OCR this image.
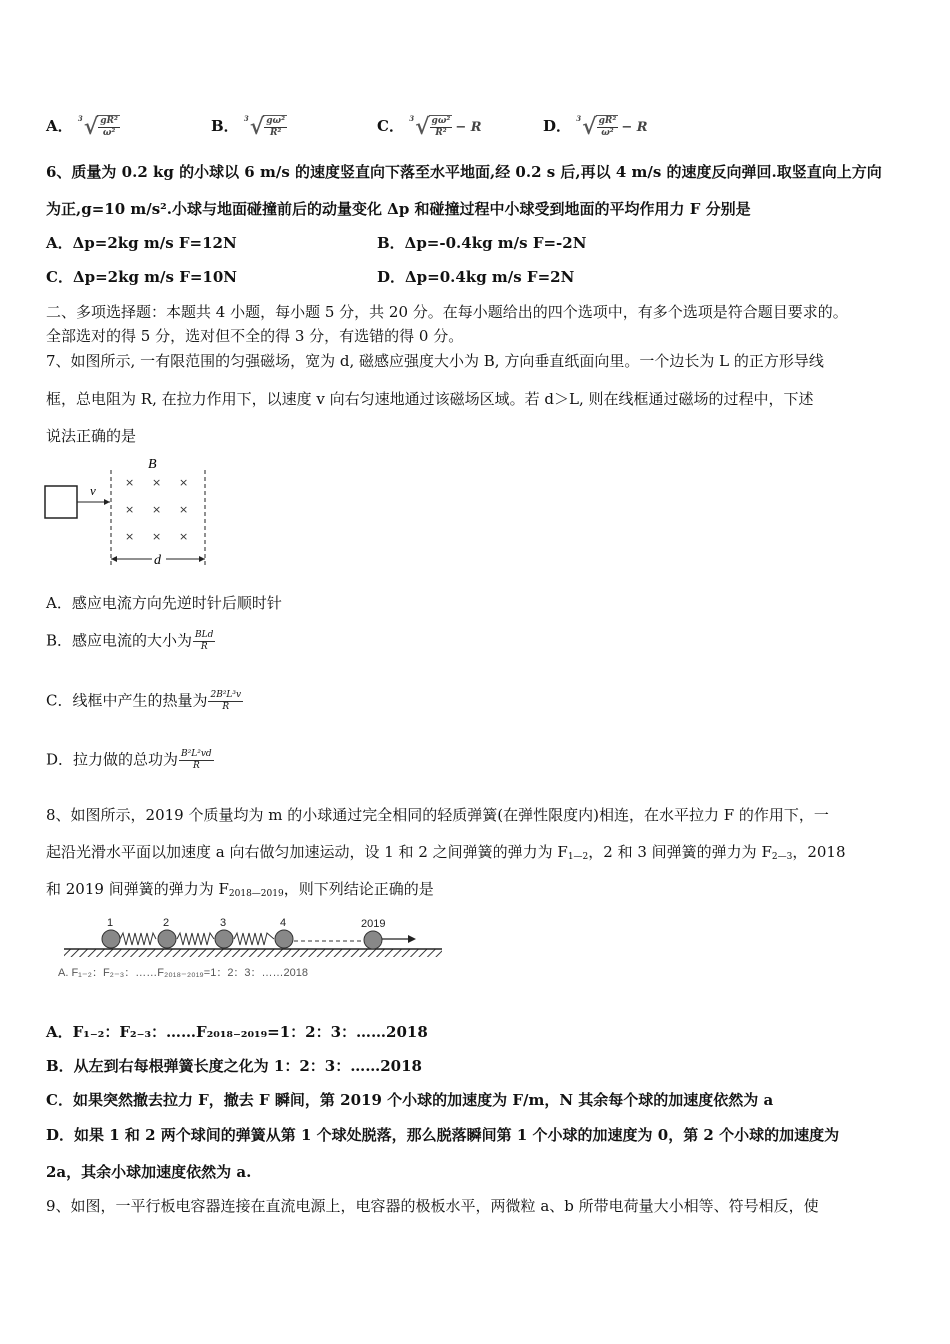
A． 3 √ $\frac{\text{gR²}}{\text{ω²}}$	B． 3 √ $\frac{\text{gω²}}{\text{R²}}$	C． 3 √ $\frac{\text{gω²}}{\text{R²}} - R$	D． 3 √ $\frac{\text{gR²}}{\text{ω²}} - R$
6、质量为 0.2 kg 的小球以 6 m/s 的速度竖直向下落至水平地面,经 0.2 s 后,再以 4 m/s 的速度反向弹回.取竖直向上方向
为正,g=10 m/s².小球与地面碰撞前后的动量变化 Δp 和碰撞过程中小球受到地面的平均作用力 F 分别是
A．Δp=2kg m/s F=12N	B．Δp=-0.4kg m/s F=-2N
C．Δp=2kg m/s F=10N	D．Δp=0.4kg m/s F=2N
二、多项选择题：本题共 4 小题，每小题 5 分，共 20 分。在每小题给出的四个选项中，有多个选项是符合题目要求的。
全部选对的得 5 分，选对但不全的得 3 分，有选错的得 0 分。
7、如图所示, 一有限范围的匀强磁场，宽为 d, 磁感应强度大小为 B, 方向垂直纸面向里。一个边长为 L 的正方形导线
框，总电阻为 R, 在拉力作用下，以速度 v 向右匀速地通过该磁场区域。若 d＞L, 则在线框通过磁场的过程中，下述
说法正确的是
v
B
× × ×
× × ×
× × ×
d
A．感应电流方向先逆时针后顺时针
B．感应电流的大小为 $\frac{\text{BLd}}{R}$
C．线框中产生的热量为 $\frac{\text{2B²L³v}}{R}$
D．拉力做的总功为 $\frac{\text{B²L²vd}}{R}$
8、如图所示，2019 个质量均为 m 的小球通过完全相同的轻质弹簧(在弹性限度内)相连，在水平拉力 F 的作用下，一
起沿光滑水平面以加速度 a 向右做匀加速运动，设 1 和 2 之间弹簧的弹力为 $F_{1—2}$，2 和 3 间弹簧的弹力为 $F_{2—3}$，2018
和 2019 间弹簧的弹力为 $F_{2018—2019}$，则下列结论正确的是
1	2	3	4	2019
A. F₁₋₂：F₂₋₃：……F₂₀₁₈₋₂₀₁₉=1：2：3：……2018
A．F₁₋₂：F₂₋₃：……F₂₀₁₈₋₂₀₁₉=1：2：3：……2018
B．从左到右每根弹簧长度之化为 1：2：3：……2018
C．如果突然撤去拉力 F，撤去 F 瞬间，第 2019 个小球的加速度为 F/m，N 其余每个球的加速度依然为 a
D．如果 1 和 2 两个球间的弹簧从第 1 个球处脱落，那么脱落瞬间第 1 个小球的加速度为 0，第 2 个小球的加速度为
2a，其余小球加速度依然为 a.
9、如图，一平行板电容器连接在直流电源上，电容器的极板水平，两微粒 a、b 所带电荷量大小相等、符号相反，使
